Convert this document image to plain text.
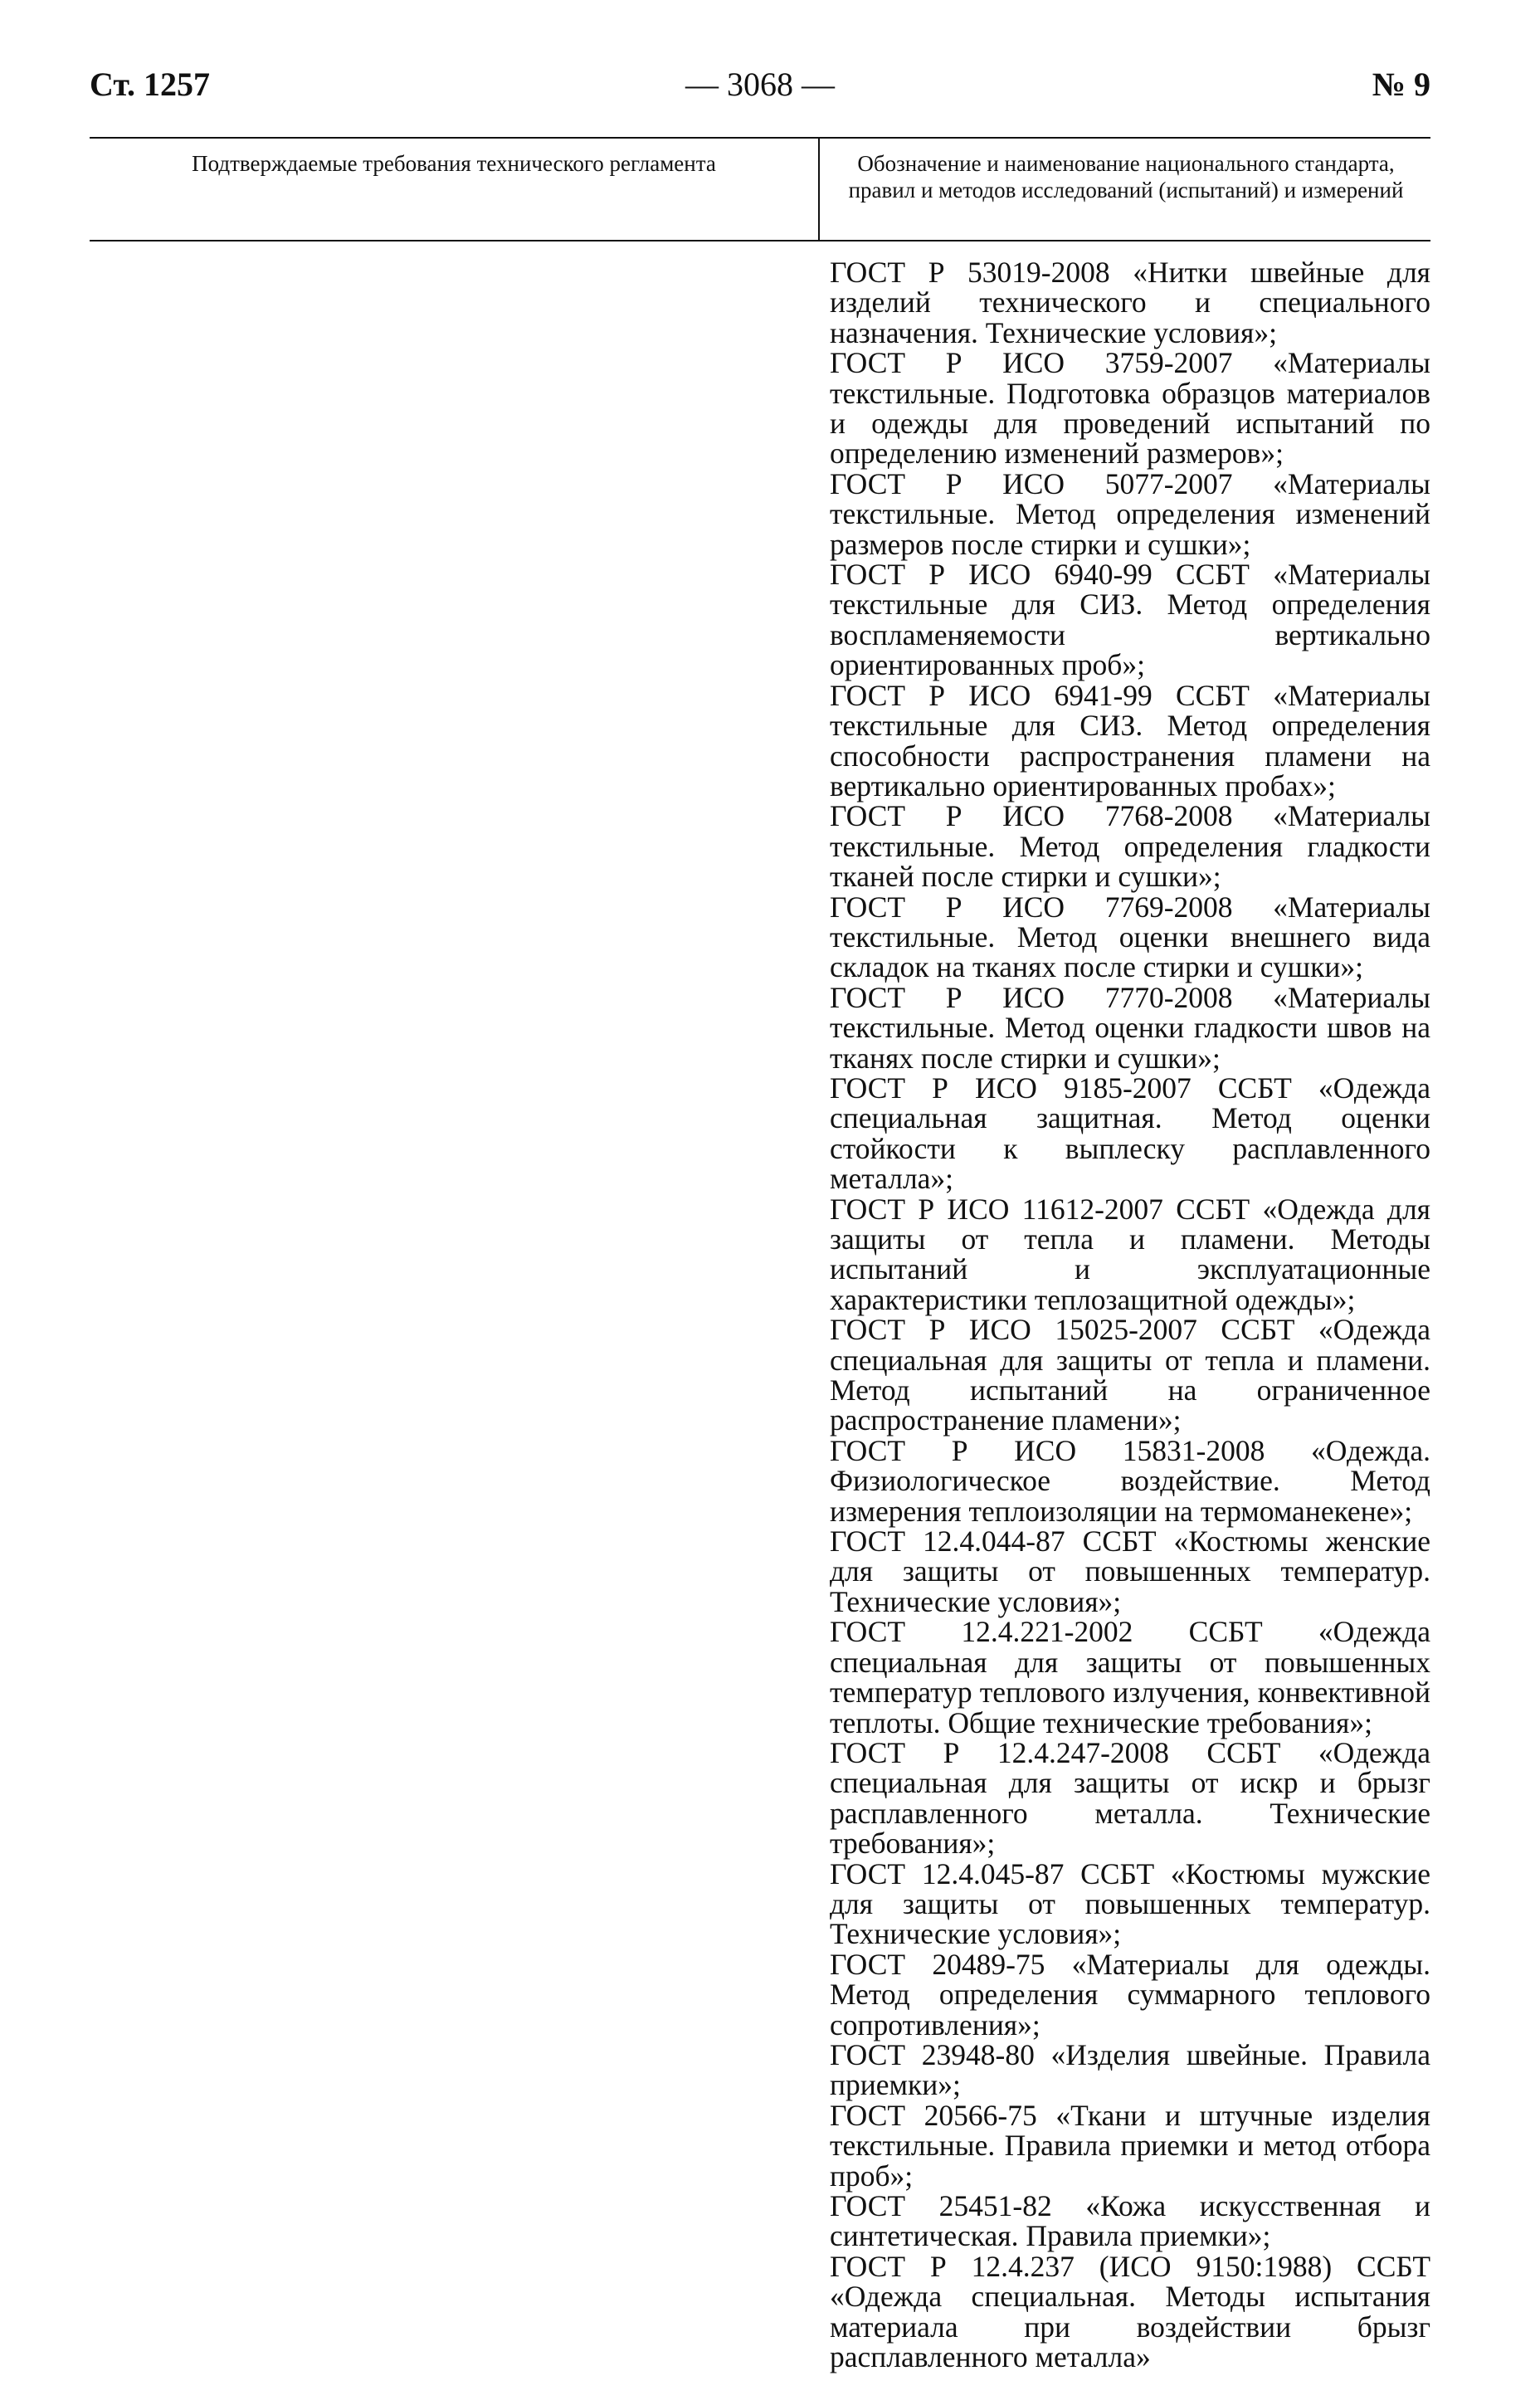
Ст. 1257	— 3068 —	№ 9
Подтверждаемые требования технического регламента	Обозначение и наименование национального стандарта, правил и методов исследований (испытаний) и измерений

ГОСТ Р 53019-2008 «Нитки швейные для изделий технического и специального назначения. Технические условия»;

ГОСТ Р ИСО 3759-2007 «Материалы текстильные. Подготовка образцов материалов и одежды для проведений испытаний по определению изменений размеров»;

ГОСТ Р ИСО 5077-2007 «Материалы текстильные. Метод определения изменений размеров после стирки и сушки»;

ГОСТ Р ИСО 6940-99 ССБТ «Материалы текстильные для СИЗ. Метод определения воспламеняемости вертикально ориентированных проб»;

ГОСТ Р ИСО 6941-99 ССБТ «Материалы текстильные для СИЗ. Метод определения способности распространения пламени на вертикально ориентированных пробах»;

ГОСТ Р ИСО 7768-2008 «Материалы текстильные. Метод определения гладкости тканей после стирки и сушки»;

ГОСТ Р ИСО 7769-2008 «Материалы текстильные. Метод оценки внешнего вида складок на тканях после стирки и сушки»;

ГОСТ Р ИСО 7770-2008 «Материалы текстильные. Метод оценки гладкости швов на тканях после стирки и сушки»;

ГОСТ Р ИСО 9185-2007 ССБТ «Одежда специальная защитная. Метод оценки стойкости к выплеску расплавленного металла»;

ГОСТ Р ИСО 11612-2007 ССБТ «Одежда для защиты от тепла и пламени. Методы испытаний и эксплуатационные характеристики теплозащитной одежды»;

ГОСТ Р ИСО 15025-2007 ССБТ «Одежда специальная для защиты от тепла и пламени. Метод испытаний на ограниченное распространение пламени»;

ГОСТ Р ИСО 15831-2008 «Одежда. Физиологическое воздействие. Метод измерения теплоизоляции на термоманекене»;

ГОСТ 12.4.044-87 ССБТ «Костюмы женские для защиты от повышенных температур. Технические условия»;

ГОСТ 12.4.221-2002 ССБТ «Одежда специальная для защиты от повышенных температур теплового излучения, конвективной теплоты. Общие технические требования»;

ГОСТ Р 12.4.247-2008 ССБТ «Одежда специальная для защиты от искр и брызг расплавленного металла. Технические требования»;

ГОСТ 12.4.045-87 ССБТ «Костюмы мужские для защиты от повышенных температур. Технические условия»;

ГОСТ 20489-75 «Материалы для одежды. Метод определения суммарного теплового сопротивления»;

ГОСТ 23948-80 «Изделия швейные. Правила приемки»;

ГОСТ 20566-75 «Ткани и штучные изделия текстильные. Правила приемки и метод отбора проб»;

ГОСТ 25451-82 «Кожа искусственная и синтетическая. Правила приемки»;

ГОСТ Р 12.4.237 (ИСО 9150:1988) ССБТ «Одежда специальная. Методы испытания материала при воздействии брызг расплавленного металла»
